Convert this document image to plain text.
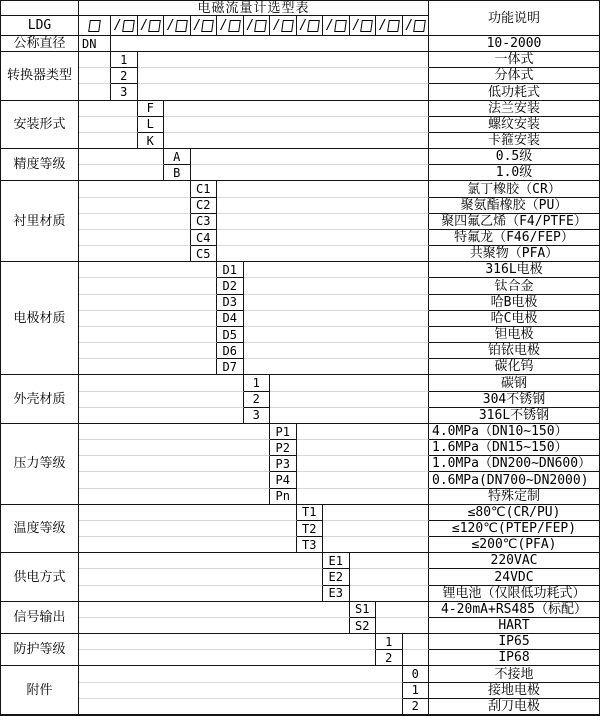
电磁流量计选型表
功能说明
LDG	/ / / / / / / / / / / /
公称直径	DN	10-2000
转换器类型
1	一体式
2	分体式
3	低功耗式
安装形式
F	法兰安装
L	螺纹安装
K	卡箍安装
精度等级
A	0.5级
B	1.0级
衬里材质
C1	氯丁橡胶（CR）
C2	聚氨酯橡胶（PU）
C3	聚四氟乙烯（F4/PTFE）
C4	特氟龙（F46/FEP）
C5	共聚物（PFA）
电极材质
D1	316L电极
D2	钛合金
D3	哈B电极
D4	哈C电极
D5	钽电极
D6	铂铱电极
D7	碳化钨
外壳材质
1	碳钢
2	304不锈钢
3	316L不锈钢
压力等级
P1	4.0MPa（DN10~150）
P2	1.6MPa（DN15~150）
P3	1.0MPa（DN200~DN600）
P4	0.6MPa(DN700~DN2000)
Pn	特殊定制
温度等级
T1	≤80℃(CR/PU)
T2	≤120℃(PTEP/FEP)
T3	≤200℃(PFA)
供电方式
E1	220VAC
E2	24VDC
E3	锂电池（仅限低功耗式）
信号输出
S1	4-20mA+RS485（标配）
S2	HART
防护等级
1	IP65
2	IP68
附件
0	不接地
1	接地电极
2	刮刀电极
